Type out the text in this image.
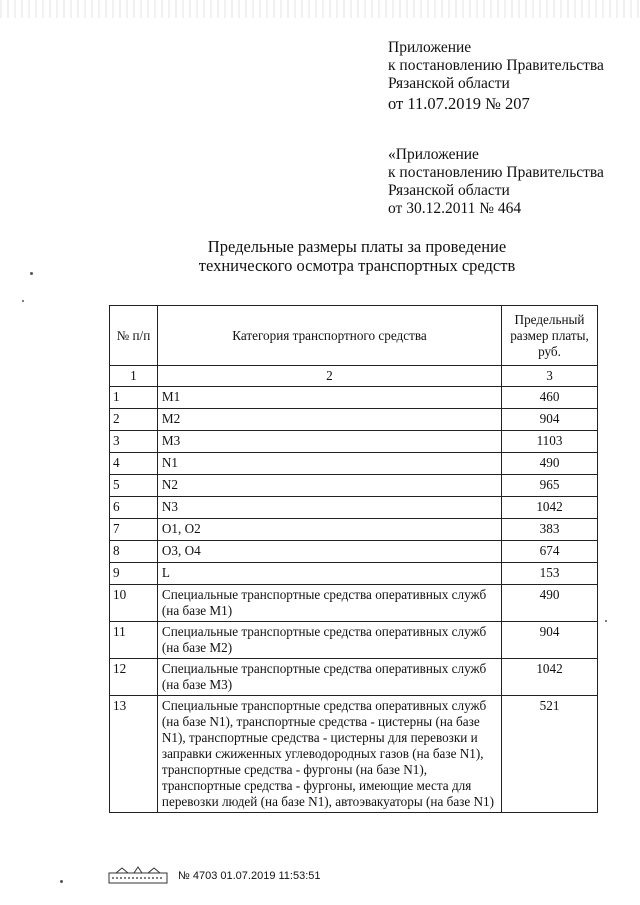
Приложение
к постановлению Правительства
Рязанской области
от 11.07.2019 № 207
«Приложение
к постановлению Правительства
Рязанской области
от 30.12.2011 № 464
Предельные размеры платы за проведение
технического осмотра транспортных средств
№ п/п	Категория транспортного средства	Предельный размер платы, руб.
1	2	3
1	M1	460
2	M2	904
3	M3	1103
4	N1	490
5	N2	965
6	N3	1042
7	O1, O2	383
8	O3, O4	674
9	L	153
10	Специальные транспортные средства оперативных служб (на базе M1)	490
11	Специальные транспортные средства оперативных служб (на базе M2)	904
12	Специальные транспортные средства оперативных служб (на базе M3)	1042
13	Специальные транспортные средства оперативных служб (на базе N1), транспортные средства - цистерны (на базе N1), транспортные средства - цистерны для перевозки и заправки сжиженных углеводородных газов (на базе N1), транспортные средства - фургоны (на базе N1), транспортные средства - фургоны, имеющие места для перевозки людей (на базе N1), автоэвакуаторы (на базе N1)	521
№ 4703 01.07.2019 11:53:51
